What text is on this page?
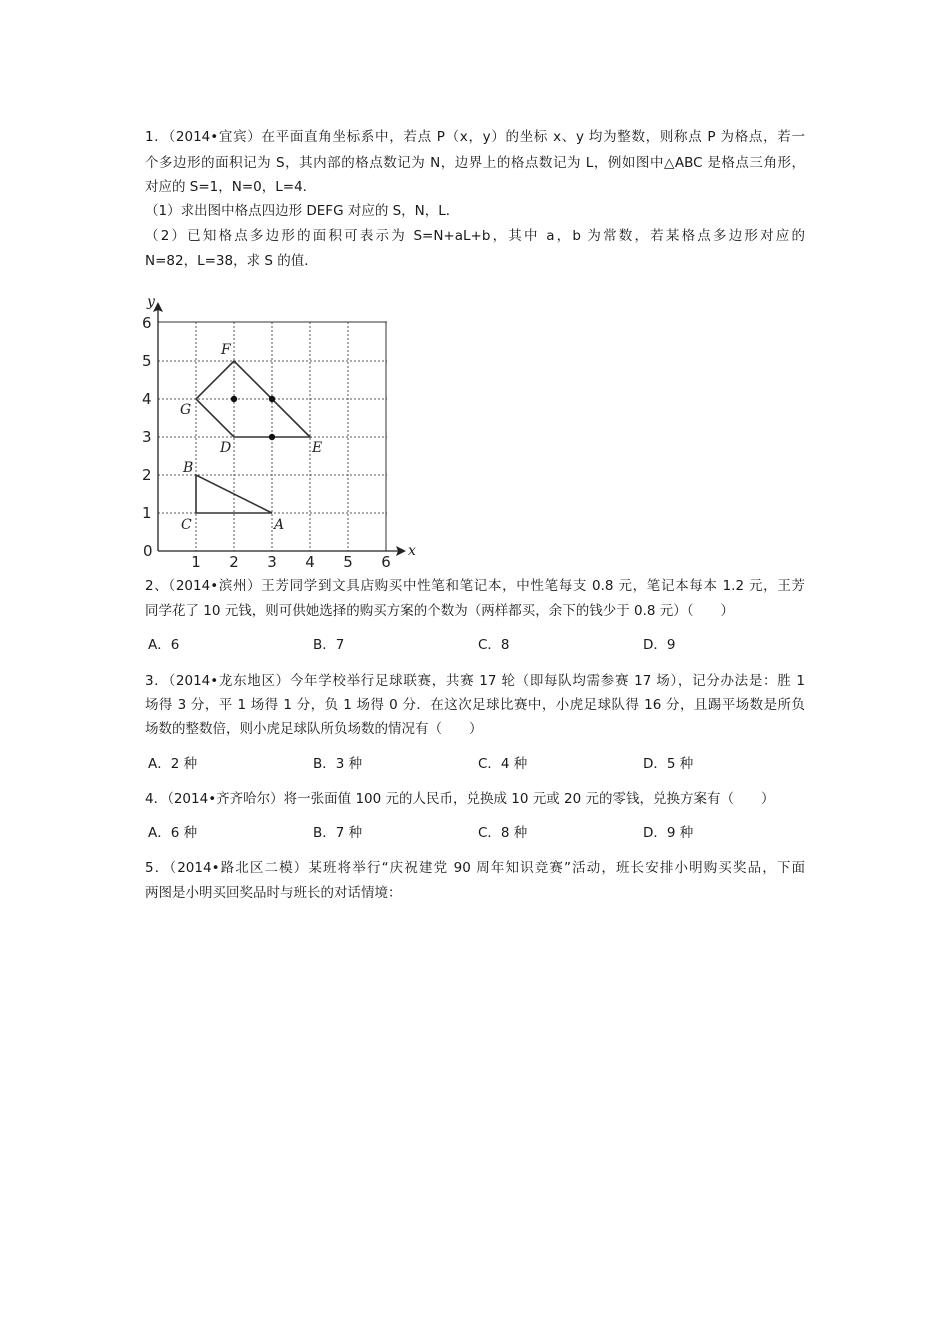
1．（2014•宜宾）在平面直角坐标系中，若点 P（x，y）的坐标 x、y 均为整数，则称点 P 为格点，若一
个多边形的面积记为 S，其内部的格点数记为 N，边界上的格点数记为 L，例如图中△ABC 是格点三角形，
对应的 S=1，N=0，L=4．
（1）求出图中格点四边形 DEFG 对应的 S，N，L．
（2）已知格点多边形的面积可表示为 S=N+aL+b，其中 a，b 为常数，若某格点多边形对应的
N=82，L=38，求 S 的值．
x
y
0
1 2 3 4 5 6
1
2
3
4
5
6
F
G
D	E
B
C	A
2、（2014•滨州）王芳同学到文具店购买中性笔和笔记本，中性笔每支 0.8 元，笔记本每本 1.2 元，王芳
同学花了 10 元钱，则可供她选择的购买方案的个数为（两样都买，余下的钱少于 0.8 元）（　　）
A．6	B．7	C．8	D．9
3．（2014•龙东地区）今年学校举行足球联赛，共赛 17 轮（即每队均需参赛 17 场），记分办法是：胜 1
场得 3 分，平 1 场得 1 分，负 1 场得 0 分．在这次足球比赛中，小虎足球队得 16 分，且踢平场数是所负
场数的整数倍，则小虎足球队所负场数的情况有（　　）
A．2 种	B．3 种	C．4 种	D．5 种
4．（2014•齐齐哈尔）将一张面值 100 元的人民币，兑换成 10 元或 20 元的零钱，兑换方案有（　　）
A．6 种	B．7 种	C．8 种	D．9 种
5．（2014•路北区二模）某班将举行“庆祝建党 90 周年知识竞赛”活动，班长安排小明购买奖品，下面
两图是小明买回奖品时与班长的对话情境：
